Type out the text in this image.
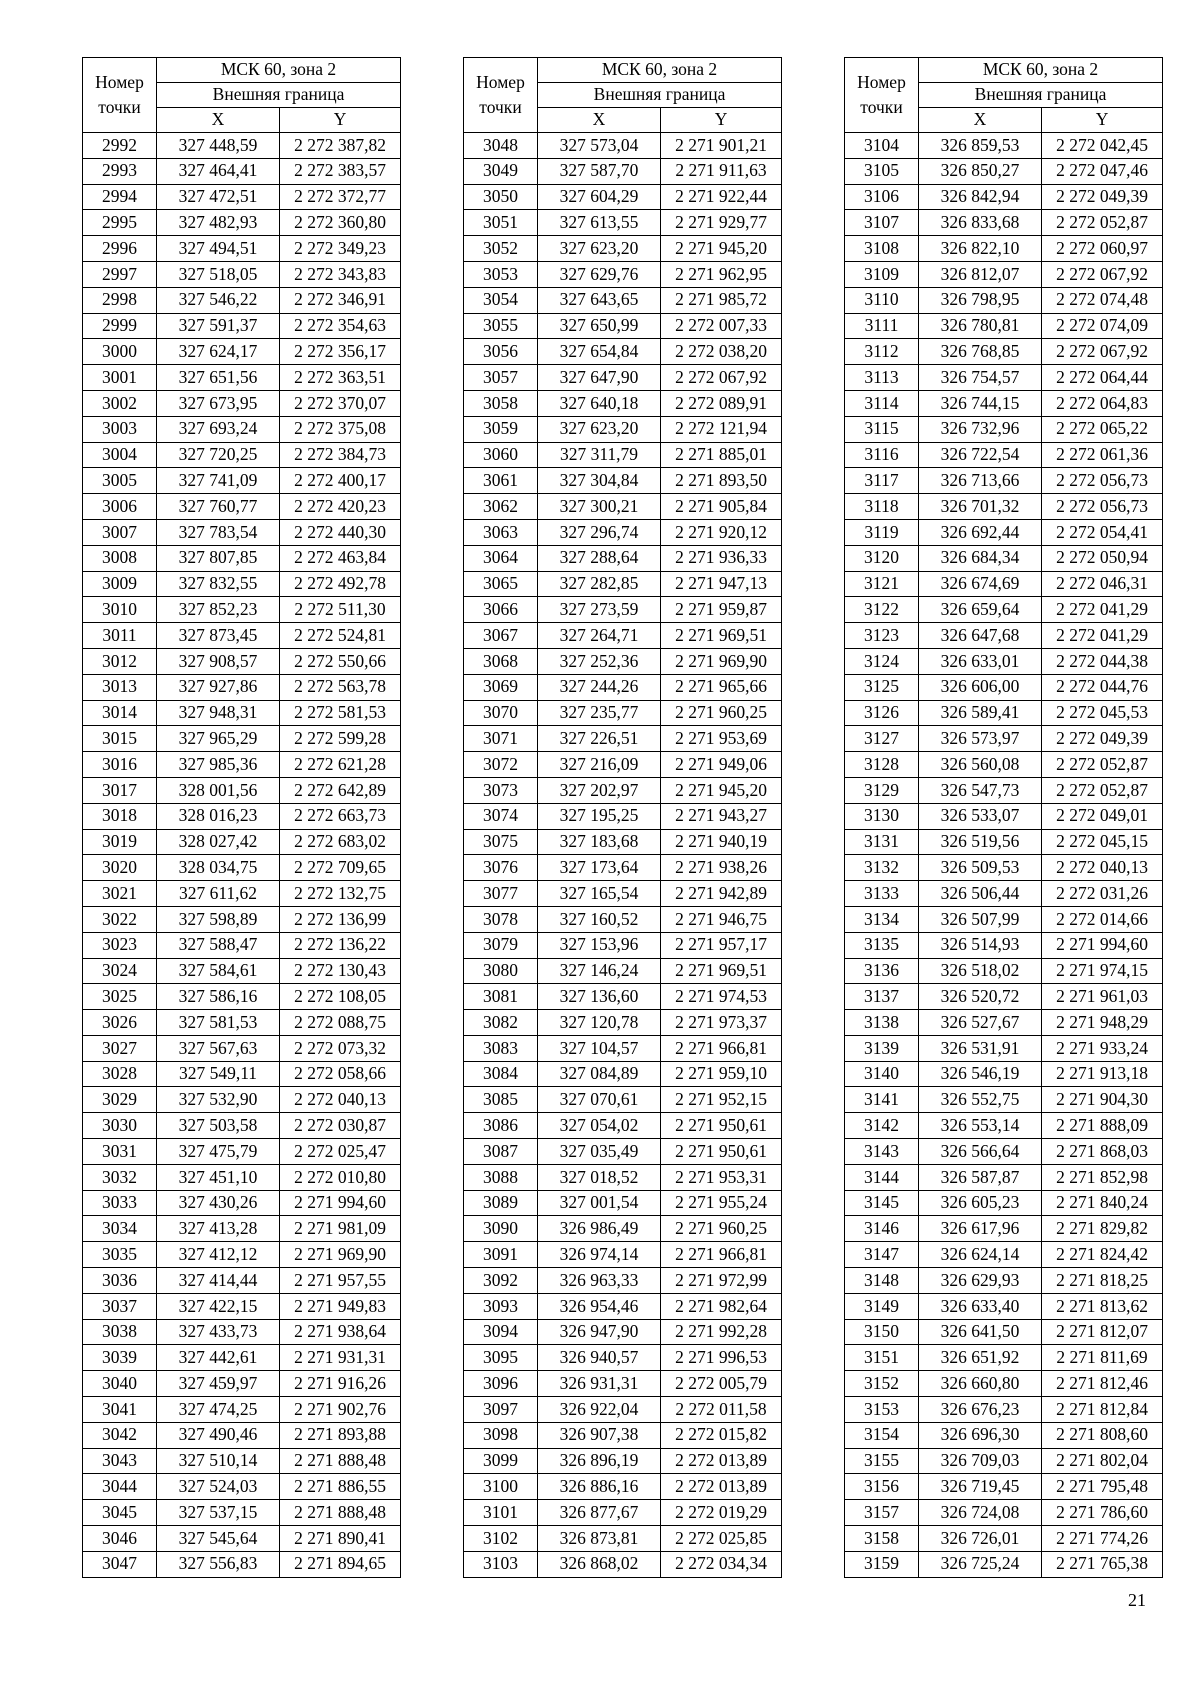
Номер
точки	МСК 60, зона 2	
	Внешняя граница	
	X	Y
2992	327 448,59	2 272 387,82
2993	327 464,41	2 272 383,57
2994	327 472,51	2 272 372,77
2995	327 482,93	2 272 360,80
2996	327 494,51	2 272 349,23
2997	327 518,05	2 272 343,83
2998	327 546,22	2 272 346,91
2999	327 591,37	2 272 354,63
3000	327 624,17	2 272 356,17
3001	327 651,56	2 272 363,51
3002	327 673,95	2 272 370,07
3003	327 693,24	2 272 375,08
3004	327 720,25	2 272 384,73
3005	327 741,09	2 272 400,17
3006	327 760,77	2 272 420,23
3007	327 783,54	2 272 440,30
3008	327 807,85	2 272 463,84
3009	327 832,55	2 272 492,78
3010	327 852,23	2 272 511,30
3011	327 873,45	2 272 524,81
3012	327 908,57	2 272 550,66
3013	327 927,86	2 272 563,78
3014	327 948,31	2 272 581,53
3015	327 965,29	2 272 599,28
3016	327 985,36	2 272 621,28
3017	328 001,56	2 272 642,89
3018	328 016,23	2 272 663,73
3019	328 027,42	2 272 683,02
3020	328 034,75	2 272 709,65
3021	327 611,62	2 272 132,75
3022	327 598,89	2 272 136,99
3023	327 588,47	2 272 136,22
3024	327 584,61	2 272 130,43
3025	327 586,16	2 272 108,05
3026	327 581,53	2 272 088,75
3027	327 567,63	2 272 073,32
3028	327 549,11	2 272 058,66
3029	327 532,90	2 272 040,13
3030	327 503,58	2 272 030,87
3031	327 475,79	2 272 025,47
3032	327 451,10	2 272 010,80
3033	327 430,26	2 271 994,60
3034	327 413,28	2 271 981,09
3035	327 412,12	2 271 969,90
3036	327 414,44	2 271 957,55
3037	327 422,15	2 271 949,83
3038	327 433,73	2 271 938,64
3039	327 442,61	2 271 931,31
3040	327 459,97	2 271 916,26
3041	327 474,25	2 271 902,76
3042	327 490,46	2 271 893,88
3043	327 510,14	2 271 888,48
3044	327 524,03	2 271 886,55
3045	327 537,15	2 271 888,48
3046	327 545,64	2 271 890,41
3047	327 556,83	2 271 894,65
Номер
точки	МСК 60, зона 2	
	Внешняя граница	
	X	Y
3048	327 573,04	2 271 901,21
3049	327 587,70	2 271 911,63
3050	327 604,29	2 271 922,44
3051	327 613,55	2 271 929,77
3052	327 623,20	2 271 945,20
3053	327 629,76	2 271 962,95
3054	327 643,65	2 271 985,72
3055	327 650,99	2 272 007,33
3056	327 654,84	2 272 038,20
3057	327 647,90	2 272 067,92
3058	327 640,18	2 272 089,91
3059	327 623,20	2 272 121,94
3060	327 311,79	2 271 885,01
3061	327 304,84	2 271 893,50
3062	327 300,21	2 271 905,84
3063	327 296,74	2 271 920,12
3064	327 288,64	2 271 936,33
3065	327 282,85	2 271 947,13
3066	327 273,59	2 271 959,87
3067	327 264,71	2 271 969,51
3068	327 252,36	2 271 969,90
3069	327 244,26	2 271 965,66
3070	327 235,77	2 271 960,25
3071	327 226,51	2 271 953,69
3072	327 216,09	2 271 949,06
3073	327 202,97	2 271 945,20
3074	327 195,25	2 271 943,27
3075	327 183,68	2 271 940,19
3076	327 173,64	2 271 938,26
3077	327 165,54	2 271 942,89
3078	327 160,52	2 271 946,75
3079	327 153,96	2 271 957,17
3080	327 146,24	2 271 969,51
3081	327 136,60	2 271 974,53
3082	327 120,78	2 271 973,37
3083	327 104,57	2 271 966,81
3084	327 084,89	2 271 959,10
3085	327 070,61	2 271 952,15
3086	327 054,02	2 271 950,61
3087	327 035,49	2 271 950,61
3088	327 018,52	2 271 953,31
3089	327 001,54	2 271 955,24
3090	326 986,49	2 271 960,25
3091	326 974,14	2 271 966,81
3092	326 963,33	2 271 972,99
3093	326 954,46	2 271 982,64
3094	326 947,90	2 271 992,28
3095	326 940,57	2 271 996,53
3096	326 931,31	2 272 005,79
3097	326 922,04	2 272 011,58
3098	326 907,38	2 272 015,82
3099	326 896,19	2 272 013,89
3100	326 886,16	2 272 013,89
3101	326 877,67	2 272 019,29
3102	326 873,81	2 272 025,85
3103	326 868,02	2 272 034,34
Номер
точки	МСК 60, зона 2	
	Внешняя граница	
	X	Y
3104	326 859,53	2 272 042,45
3105	326 850,27	2 272 047,46
3106	326 842,94	2 272 049,39
3107	326 833,68	2 272 052,87
3108	326 822,10	2 272 060,97
3109	326 812,07	2 272 067,92
3110	326 798,95	2 272 074,48
3111	326 780,81	2 272 074,09
3112	326 768,85	2 272 067,92
3113	326 754,57	2 272 064,44
3114	326 744,15	2 272 064,83
3115	326 732,96	2 272 065,22
3116	326 722,54	2 272 061,36
3117	326 713,66	2 272 056,73
3118	326 701,32	2 272 056,73
3119	326 692,44	2 272 054,41
3120	326 684,34	2 272 050,94
3121	326 674,69	2 272 046,31
3122	326 659,64	2 272 041,29
3123	326 647,68	2 272 041,29
3124	326 633,01	2 272 044,38
3125	326 606,00	2 272 044,76
3126	326 589,41	2 272 045,53
3127	326 573,97	2 272 049,39
3128	326 560,08	2 272 052,87
3129	326 547,73	2 272 052,87
3130	326 533,07	2 272 049,01
3131	326 519,56	2 272 045,15
3132	326 509,53	2 272 040,13
3133	326 506,44	2 272 031,26
3134	326 507,99	2 272 014,66
3135	326 514,93	2 271 994,60
3136	326 518,02	2 271 974,15
3137	326 520,72	2 271 961,03
3138	326 527,67	2 271 948,29
3139	326 531,91	2 271 933,24
3140	326 546,19	2 271 913,18
3141	326 552,75	2 271 904,30
3142	326 553,14	2 271 888,09
3143	326 566,64	2 271 868,03
3144	326 587,87	2 271 852,98
3145	326 605,23	2 271 840,24
3146	326 617,96	2 271 829,82
3147	326 624,14	2 271 824,42
3148	326 629,93	2 271 818,25
3149	326 633,40	2 271 813,62
3150	326 641,50	2 271 812,07
3151	326 651,92	2 271 811,69
3152	326 660,80	2 271 812,46
3153	326 676,23	2 271 812,84
3154	326 696,30	2 271 808,60
3155	326 709,03	2 271 802,04
3156	326 719,45	2 271 795,48
3157	326 724,08	2 271 786,60
3158	326 726,01	2 271 774,26
3159	326 725,24	2 271 765,38
21
